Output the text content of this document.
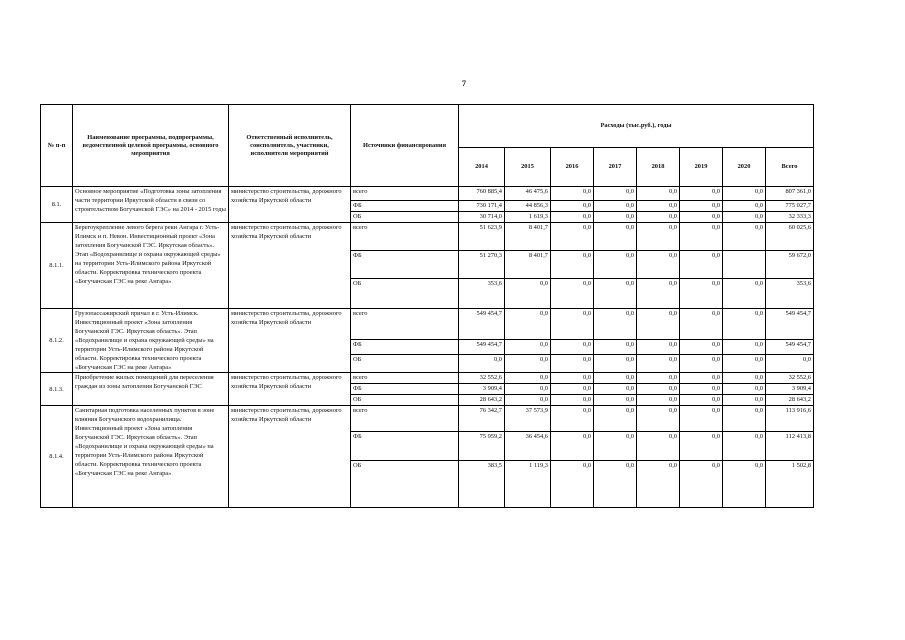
7
№ п-п	Наименование программы, подпрограммы, ведомственной целевой программы, основного мероприятия	Ответственный исполнитель, соисполнитель, участники, исполнители мероприятий	Источники финансирования	Расходы (тыс.руб.), годы							
				2014	2015	2016	2017	2018	2019	2020	Всего
8.1.	Основное мероприятие «Подготовка зоны затопления части территории Иркутской области в связи со строительством Богучанской ГЭС» на 2014 - 2015 годы	министерство строительства, дорожного хозяйства Иркутской области	всего	760 885,4	46 475,6	0,0	0,0	0,0	0,0	0,0	807 361,0
			ФБ	730 171,4	44 856,3	0,0	0,0	0,0	0,0	0,0	775 027,7
			ОБ	30 714,0	1 619,3	0,0	0,0	0,0	0,0	0,0	32 333,3
8.1.1.	Берегоукрепление левого берега реки Ангара г. Усть-Илимск и п. Невон. Инвестиционный проект «Зона затопления Богучанской ГЭС. Иркутская область». Этап «Водохранилище и охрана окружающей среды» на территории Усть-Илимского района Иркутской области. Корректировка технического проекта «Богучанская ГЭС на реке Ангара»	министерство строительства, дорожного хозяйства Иркутской области	всего	51 623,9	8 401,7	0,0	0,0	0,0	0,0	0,0	60 025,6
			ФБ	51 270,3	8 401,7	0,0	0,0	0,0	0,0		59 672,0
			ОБ	353,6	0,0	0,0	0,0	0,0	0,0	0,0	353,6
8.1.2.	Грузопассажирский причал в г. Усть-Илимск. Инвестиционный проект «Зона затопления Богучанской ГЭС. Иркутская область». Этап «Водохранилище и охрана окружающей среды» на территории Усть-Илимского района Иркутской области. Корректировка технического проекта «Богучанская ГЭС на реке Ангара»	министерство строительства, дорожного хозяйства Иркутской области	всего	549 454,7	0,0	0,0	0,0	0,0	0,0	0,0	549 454,7
			ФБ	549 454,7	0,0	0,0	0,0	0,0	0,0	0,0	549 454,7
			ОБ	0,0	0,0	0,0	0,0	0,0	0,0	0,0	0,0
8.1.3.	Приобретение жилых помещений для переселения граждан из зоны затопления Богучанской ГЭС	министерство строительства, дорожного хозяйства Иркутской области	всего	32 552,6	0,0	0,0	0,0	0,0	0,0	0,0	32 552,6
			ФБ	3 909,4	0,0	0,0	0,0	0,0	0,0	0,0	3 909,4
			ОБ	28 643,2	0,0	0,0	0,0	0,0	0,0	0,0	28 643,2
8.1.4.	Санитарная подготовка населенных пунктов в зоне влияния Богучанского водохранилища. Инвестиционный проект «Зона затопления Богучанской ГЭС. Иркутская область». Этап «Водохранилище и охрана окружающей среды» на территории Усть-Илимского района Иркутской области. Корректировка технического проекта «Богучанская ГЭС на реке Ангара»	министерство строительства, дорожного хозяйства Иркутской области	всего	76 342,7	37 573,9	0,0	0,0	0,0	0,0	0,0	113 916,6
			ФБ	75 959,2	36 454,6	0,0	0,0	0,0	0,0	0,0	112 413,8
			ОБ	383,5	1 119,3	0,0	0,0	0,0	0,0	0,0	1 502,8
